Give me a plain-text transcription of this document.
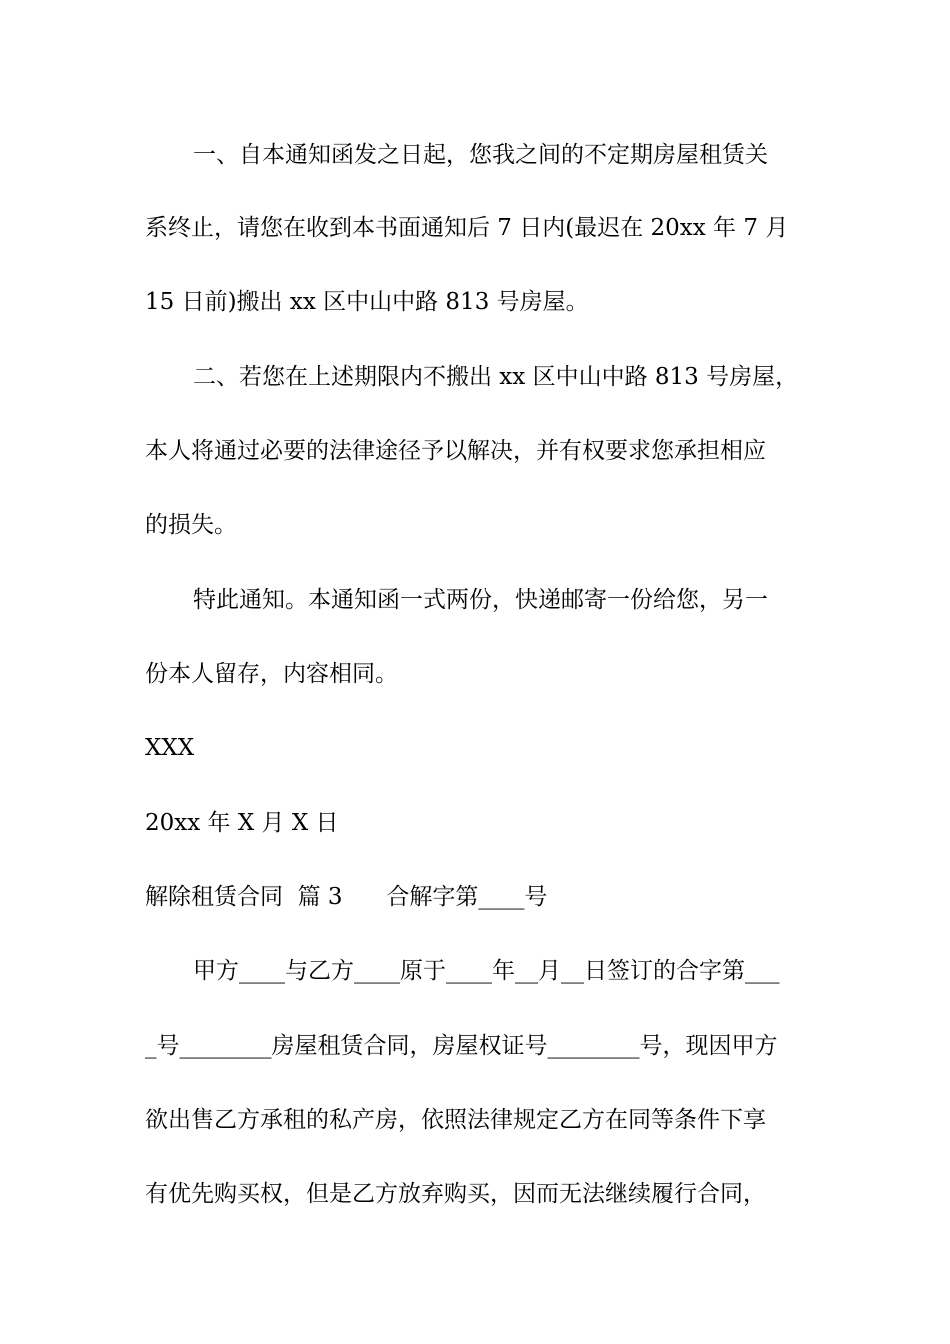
一、自本通知函发之日起，您我之间的不定期房屋租赁关
系终止，请您在收到本书面通知后 7 日内(最迟在 20xx 年 7 月
15 日前)搬出 xx 区中山中路 813 号房屋。
二、若您在上述期限内不搬出 xx 区中山中路 813 号房屋，
本人将通过必要的法律途径予以解决，并有权要求您承担相应
的损失。
特此通知。本通知函一式两份，快递邮寄一份给您，另一
份本人留存，内容相同。
XXX
20xx 年 X 月 X 日
解除租赁合同  篇 3      合解字第____号
甲方____与乙方____原于____年__月__日签订的合字第___
_号________房屋租赁合同，房屋权证号________号，现因甲方
欲出售乙方承租的私产房，依照法律规定乙方在同等条件下享
有优先购买权，但是乙方放弃购买，因而无法继续履行合同，
